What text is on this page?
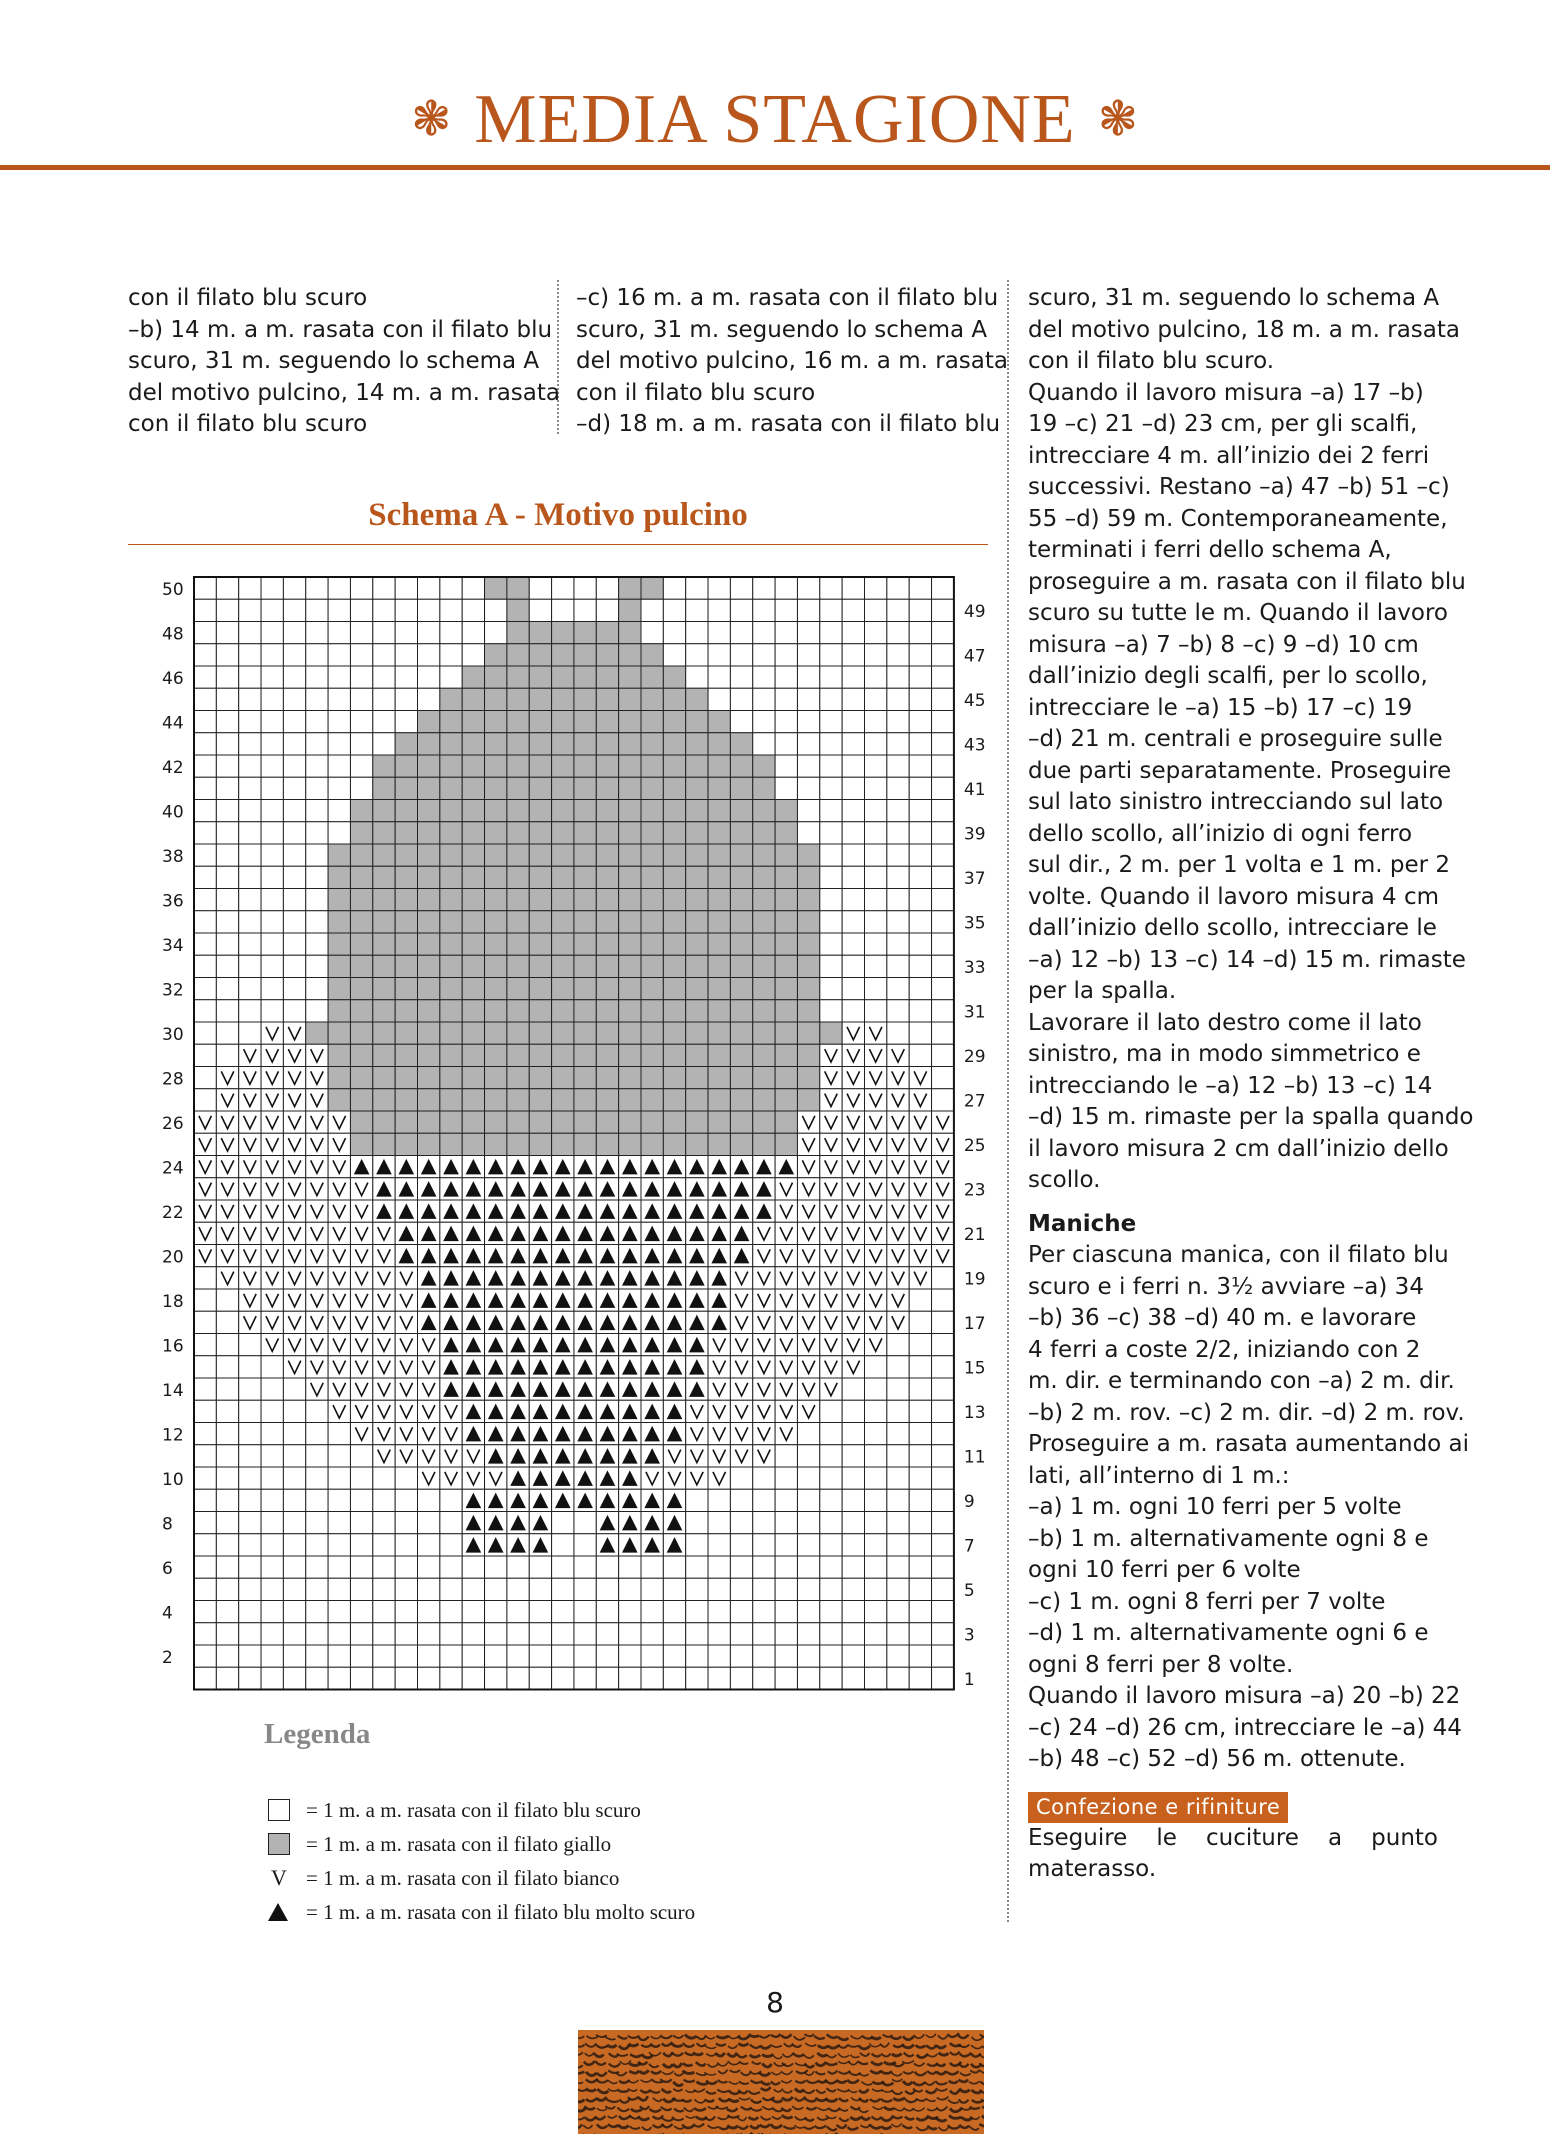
❃ MEDIA STAGIONE ❃
con il filato blu scuro
–b) 14 m. a m. rasata con il filato blu
scuro, 31 m. seguendo lo schema A
del motivo pulcino, 14 m. a m. rasata
con il filato blu scuro
–c) 16 m. a m. rasata con il filato blu
scuro, 31 m. seguendo lo schema A
del motivo pulcino, 16 m. a m. rasata
con il filato blu scuro
–d) 18 m. a m. rasata con il filato blu
scuro, 31 m. seguendo lo schema A
del motivo pulcino, 18 m. a m. rasata
con il filato blu scuro.
Quando il lavoro misura –a) 17 –b)
19 –c) 21 –d) 23 cm, per gli scalfi,
intrecciare 4 m. all’inizio dei 2 ferri
successivi. Restano –a) 47 –b) 51 –c)
55 –d) 59 m. Contemporaneamente,
terminati i ferri dello schema A,
proseguire a m. rasata con il filato blu
scuro su tutte le m. Quando il lavoro
misura –a) 7 –b) 8 –c) 9 –d) 10 cm
dall’inizio degli scalfi, per lo scollo,
intrecciare le –a) 15 –b) 17 –c) 19
–d) 21 m. centrali e proseguire sulle
due parti separatamente. Proseguire
sul lato sinistro intrecciando sul lato
dello scollo, all’inizio di ogni ferro
sul dir., 2 m. per 1 volta e 1 m. per 2
volte. Quando il lavoro misura 4 cm
dall’inizio dello scollo, intrecciare le
–a) 12 –b) 13 –c) 14 –d) 15 m. rimaste
per la spalla.
Lavorare il lato destro come il lato
sinistro, ma in modo simmetrico e
intrecciando le –a) 12 –b) 13 –c) 14
–d) 15 m. rimaste per la spalla quando
il lavoro misura 2 cm dall’inizio dello
scollo.
Maniche
Per ciascuna manica, con il filato blu
scuro e i ferri n. 3½ avviare –a) 34
–b) 36 –c) 38 –d) 40 m. e lavorare
4 ferri a coste 2/2, iniziando con 2
m. dir. e terminando con –a) 2 m. dir.
–b) 2 m. rov. –c) 2 m. dir. –d) 2 m. rov.
Proseguire a m. rasata aumentando ai
lati, all’interno di 1 m.:
–a) 1 m. ogni 10 ferri per 5 volte
–b) 1 m. alternativamente ogni 8 e
ogni 10 ferri per 6 volte
–c) 1 m. ogni 8 ferri per 7 volte
–d) 1 m. alternativamente ogni 6 e
ogni 8 ferri per 8 volte.
Quando il lavoro misura –a) 20 –b) 22
–c) 24 –d) 26 cm, intrecciare le –a) 44
–b) 48 –c) 52 –d) 56 m. ottenute.
Confezione e rifiniture
Eseguire le cuciture a punto
materasso.
Schema A - Motivo pulcino
50
48
46
44
42
40
38
36
34
32
30
28
26
24
22
20
18
16
14
12
10
8
6
4
2
49
47
45
43
41
39
37
35
33
31
29
27
25
23
21
19
17
15
13
11
9
7
5
3
1
Legenda
= 1 m. a m. rasata con il filato blu scuro
= 1 m. a m. rasata con il filato giallo
V = 1 m. a m. rasata con il filato bianco
= 1 m. a m. rasata con il filato blu molto scuro
8
